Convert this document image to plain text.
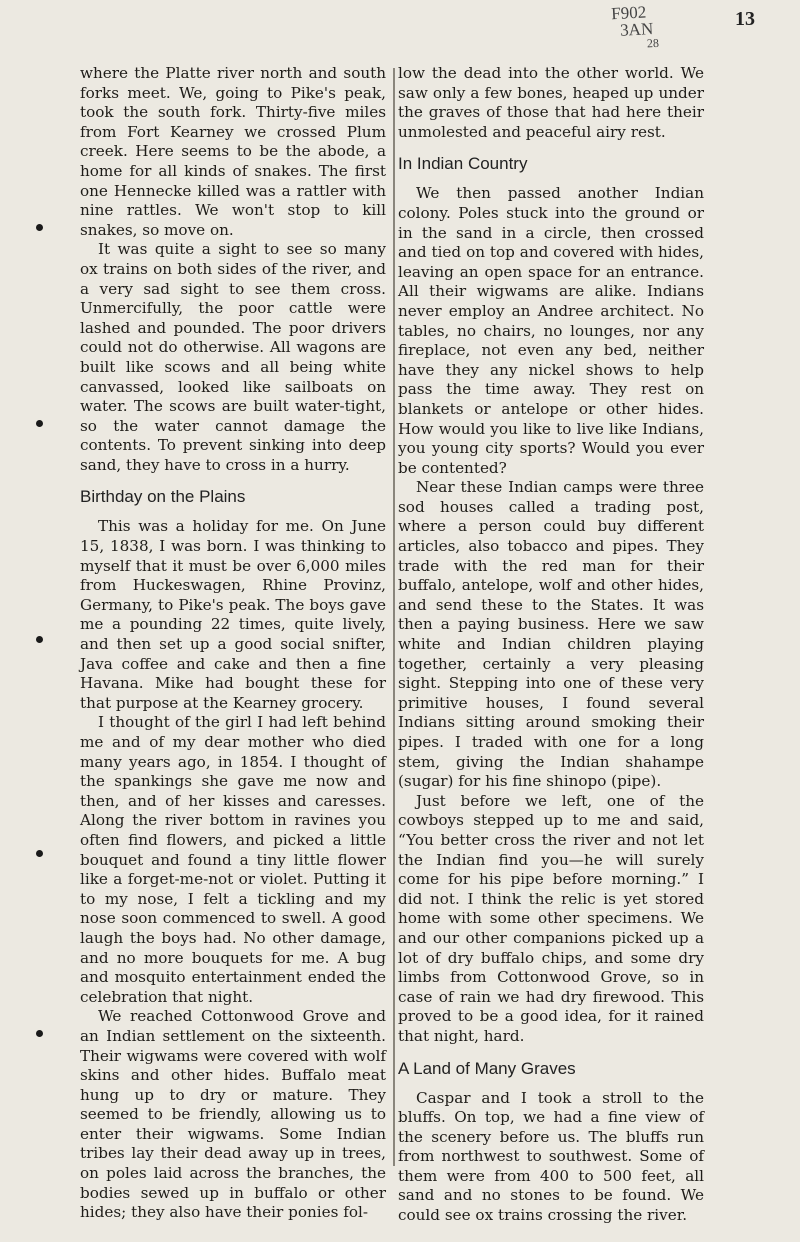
F902
3AN
28
13

where the Platte river north and south forks meet. We, going to Pike's peak, took the south fork. Thirty-five miles from Fort Kearney we crossed Plum creek. Here seems to be the abode, a home for all kinds of snakes. The first one Hennecke killed was a rattler with nine rattles. We won't stop to kill snakes, so move on.

It was quite a sight to see so many ox trains on both sides of the river, and a very sad sight to see them cross. Unmercifully, the poor cattle were lashed and pounded. The poor drivers could not do otherwise. All wagons are built like scows and all being white canvassed, looked like sailboats on water. The scows are built water-tight, so the water cannot damage the contents. To prevent sinking into deep sand, they have to cross in a hurry.

Birthday on the Plains

This was a holiday for me. On June 15, 1838, I was born. I was thinking to myself that it must be over 6,000 miles from Huckeswagen, Rhine Provinz, Germany, to Pike's peak. The boys gave me a pounding 22 times, quite lively, and then set up a good social snifter, Java coffee and cake and then a fine Havana. Mike had bought these for that purpose at the Kearney grocery.

I thought of the girl I had left behind me and of my dear mother who died many years ago, in 1854. I thought of the spankings she gave me now and then, and of her kisses and caresses. Along the river bottom in ravines you often find flowers, and picked a little bouquet and found a tiny little flower like a forget-me-not or violet. Putting it to my nose, I felt a tickling and my nose soon commenced to swell. A good laugh the boys had. No other damage, and no more bouquets for me. A bug and mosquito entertainment ended the celebration that night.

We reached Cottonwood Grove and an Indian settlement on the sixteenth. Their wigwams were covered with wolf skins and other hides. Buffalo meat hung up to dry or mature. They seemed to be friendly, allowing us to enter their wigwams. Some Indian tribes lay their dead away up in trees, on poles laid across the branches, the bodies sewed up in buffalo or other hides; they also have their ponies fol-

low the dead into the other world. We saw only a few bones, heaped up under the graves of those that had here their unmolested and peaceful airy rest.

In Indian Country

We then passed another Indian colony. Poles stuck into the ground or in the sand in a circle, then crossed and tied on top and covered with hides, leaving an open space for an entrance. All their wigwams are alike. Indians never employ an Andree architect. No tables, no chairs, no lounges, nor any fireplace, not even any bed, neither have they any nickel shows to help pass the time away. They rest on blankets or antelope or other hides. How would you like to live like Indians, you young city sports? Would you ever be contented?

Near these Indian camps were three sod houses called a trading post, where a person could buy different articles, also tobacco and pipes. They trade with the red man for their buffalo, antelope, wolf and other hides, and send these to the States. It was then a paying business. Here we saw white and Indian children playing together, certainly a very pleasing sight. Stepping into one of these very primitive houses, I found several Indians sitting around smoking their pipes. I traded with one for a long stem, giving the Indian shahampe (sugar) for his fine shinopo (pipe).

Just before we left, one of the cowboys stepped up to me and said, “You better cross the river and not let the Indian find you—he will surely come for his pipe before morning.” I did not. I think the relic is yet stored home with some other specimens. We and our other companions picked up a lot of dry buffalo chips, and some dry limbs from Cottonwood Grove, so in case of rain we had dry firewood. This proved to be a good idea, for it rained that night, hard.

A Land of Many Graves

Caspar and I took a stroll to the bluffs. On top, we had a fine view of the scenery before us. The bluffs run from northwest to southwest. Some of them were from 400 to 500 feet, all sand and no stones to be found. We could see ox trains crossing the river.
